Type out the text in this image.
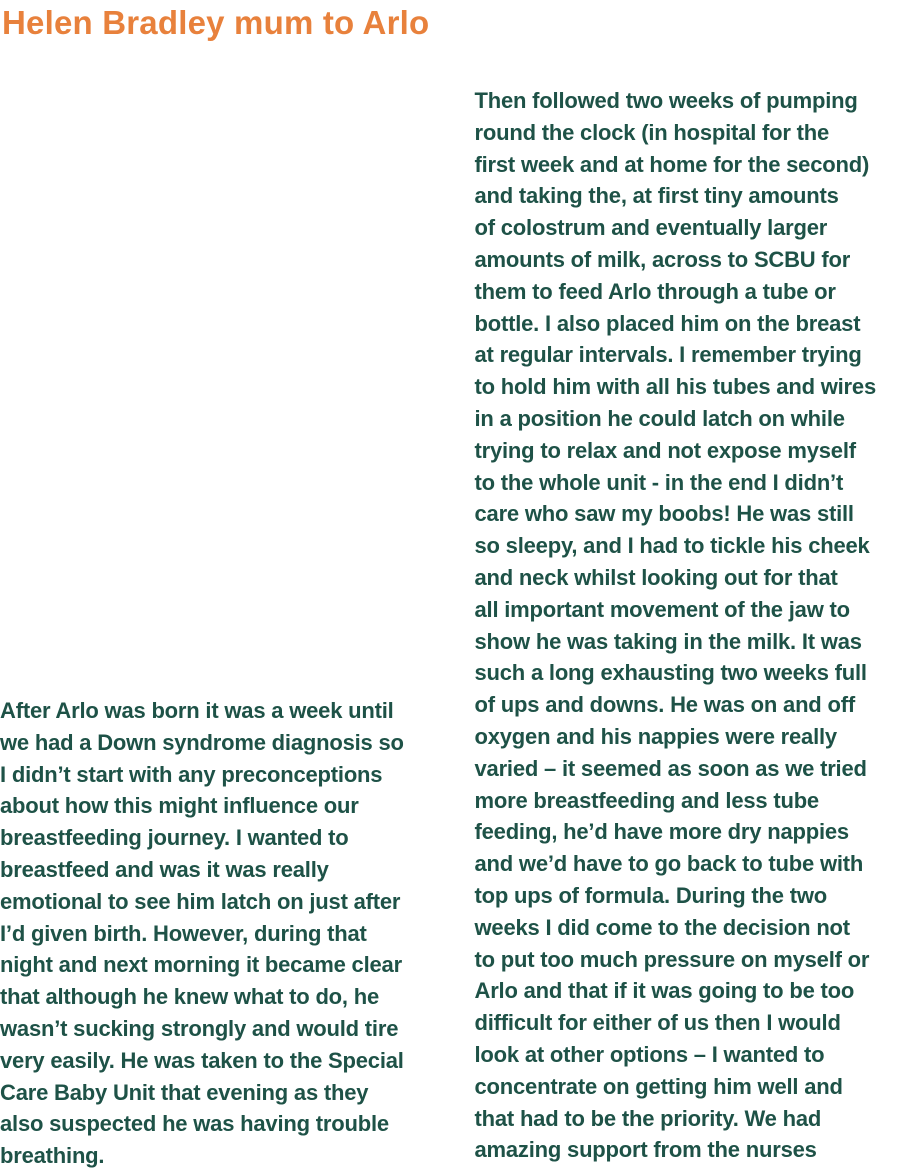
Helen Bradley mum to Arlo
After Arlo was born it was a week until
we had a Down syndrome diagnosis so
I didn’t start with any preconceptions
about how this might influence our
breastfeeding journey. I wanted to
breastfeed and was it was really
emotional to see him latch on just after
I’d given birth. However, during that
night and next morning it became clear
that although he knew what to do, he
wasn’t sucking strongly and would tire
very easily. He was taken to the Special
Care Baby Unit that evening as they
also suspected he was having trouble
breathing.
Then followed two weeks of pumping
round the clock (in hospital for the
first week and at home for the second)
and taking the, at first tiny amounts
of colostrum and eventually larger
amounts of milk, across to SCBU for
them to feed Arlo through a tube or
bottle. I also placed him on the breast
at regular intervals. I remember trying
to hold him with all his tubes and wires
in a position he could latch on while
trying to relax and not expose myself
to the whole unit - in the end I didn’t
care who saw my boobs! He was still
so sleepy, and I had to tickle his cheek
and neck whilst looking out for that
all important movement of the jaw to
show he was taking in the milk. It was
such a long exhausting two weeks full
of ups and downs. He was on and off
oxygen and his nappies were really
varied – it seemed as soon as we tried
more breastfeeding and less tube
feeding, he’d have more dry nappies
and we’d have to go back to tube with
top ups of formula. During the two
weeks I did come to the decision not
to put too much pressure on myself or
Arlo and that if it was going to be too
difficult for either of us then I would
look at other options – I wanted to
concentrate on getting him well and
that had to be the priority. We had
amazing support from the nurses
